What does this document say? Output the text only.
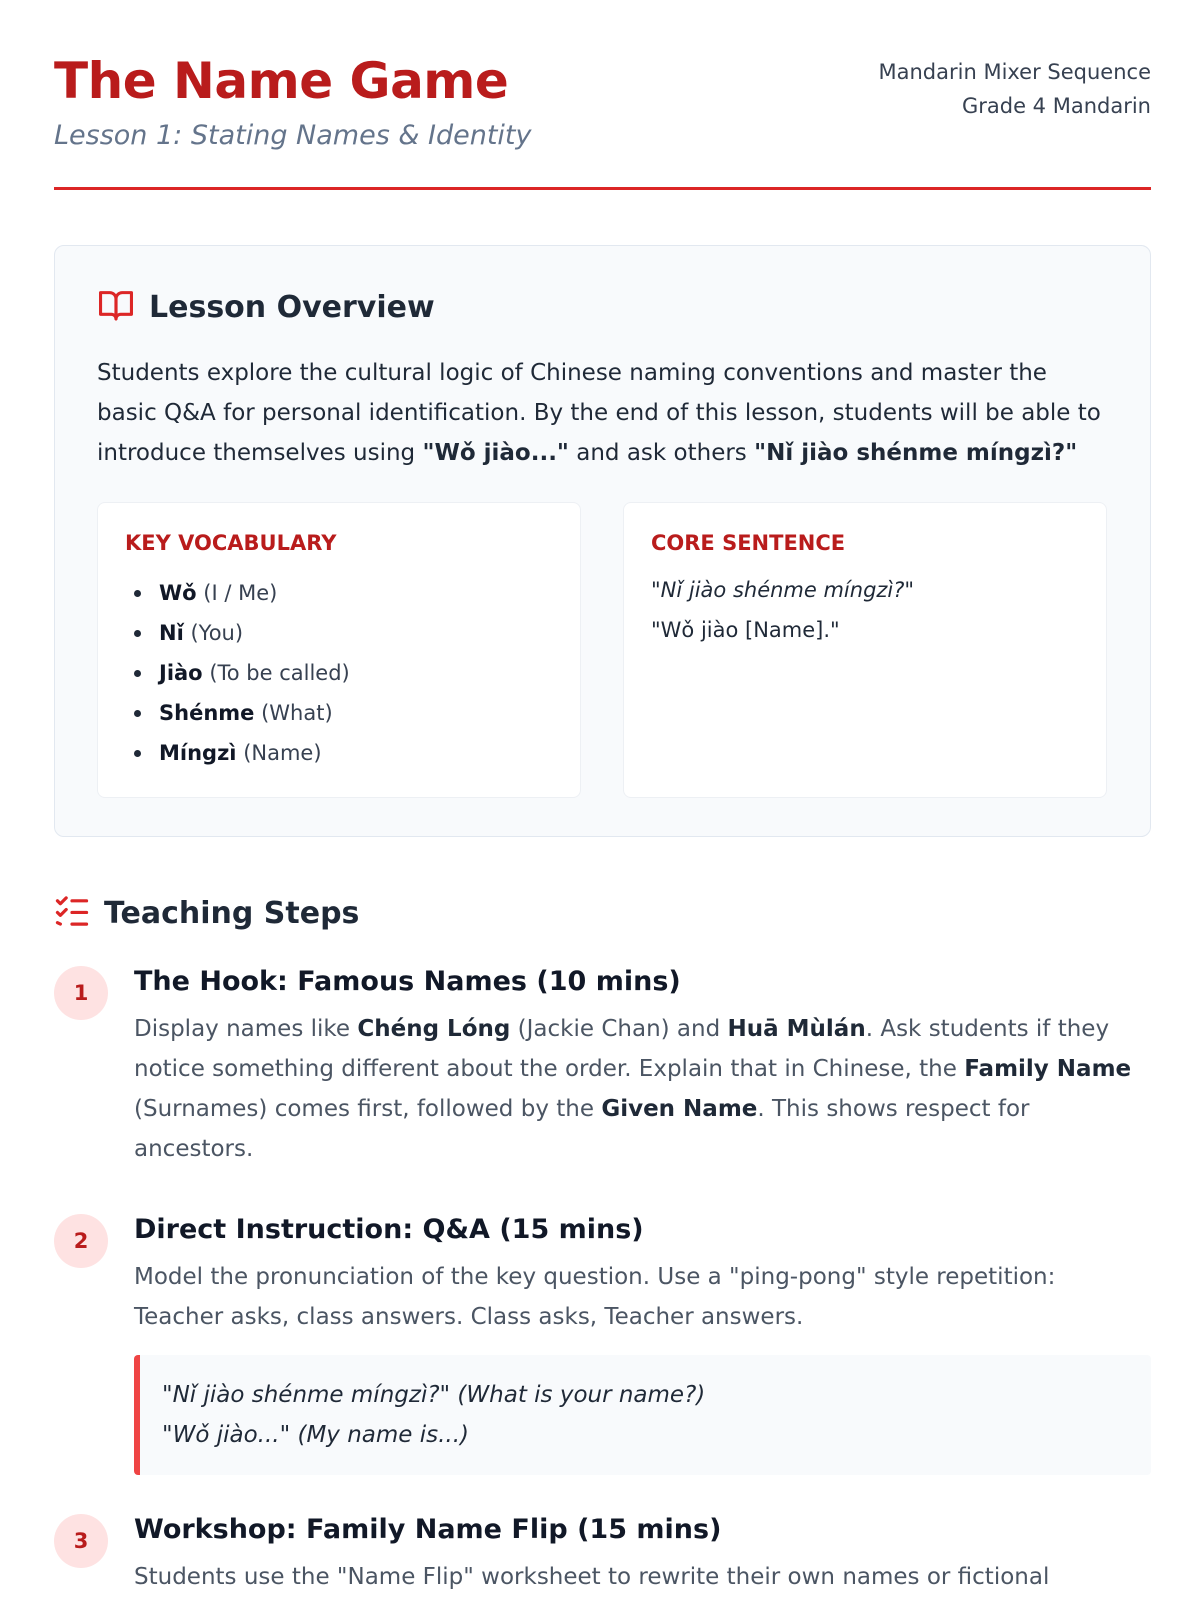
The Name Game

Lesson 1: Stating Names & Identity

Mandarin Mixer Sequence
Grade 4 Mandarin
Lesson Overview
Students explore the cultural logic of Chinese naming conventions and master the basic Q&A for personal identification. By the end of this lesson, students will be able to introduce themselves using "Wǒ jiào..." and ask others "Nǐ jiào shénme míngzì?"
KEY VOCABULARY
Wǒ (I / Me)
Nǐ (You)
Jiào (To be called)
Shénme (What)
Míngzì (Name)
CORE SENTENCE
"Nǐ jiào shénme míngzì?"
"Wǒ jiào [Name]."
Teaching Steps
1	The Hook: Famous Names (10 mins)
Display names like Chéng Lóng (Jackie Chan) and Huā Mùlán. Ask students if they notice something different about the order. Explain that in Chinese, the Family Name (Surnames) comes first, followed by the Given Name. This shows respect for ancestors.
2	Direct Instruction: Q&A (15 mins)
Model the pronunciation of the key question. Use a "ping-pong" style repetition: Teacher asks, class answers. Class asks, Teacher answers.
"Nǐ jiào shénme míngzì?" (What is your name?)
"Wǒ jiào..." (My name is...)
3	Workshop: Family Name Flip (15 mins)
Students use the "Name Flip" worksheet to rewrite their own names or fictional
